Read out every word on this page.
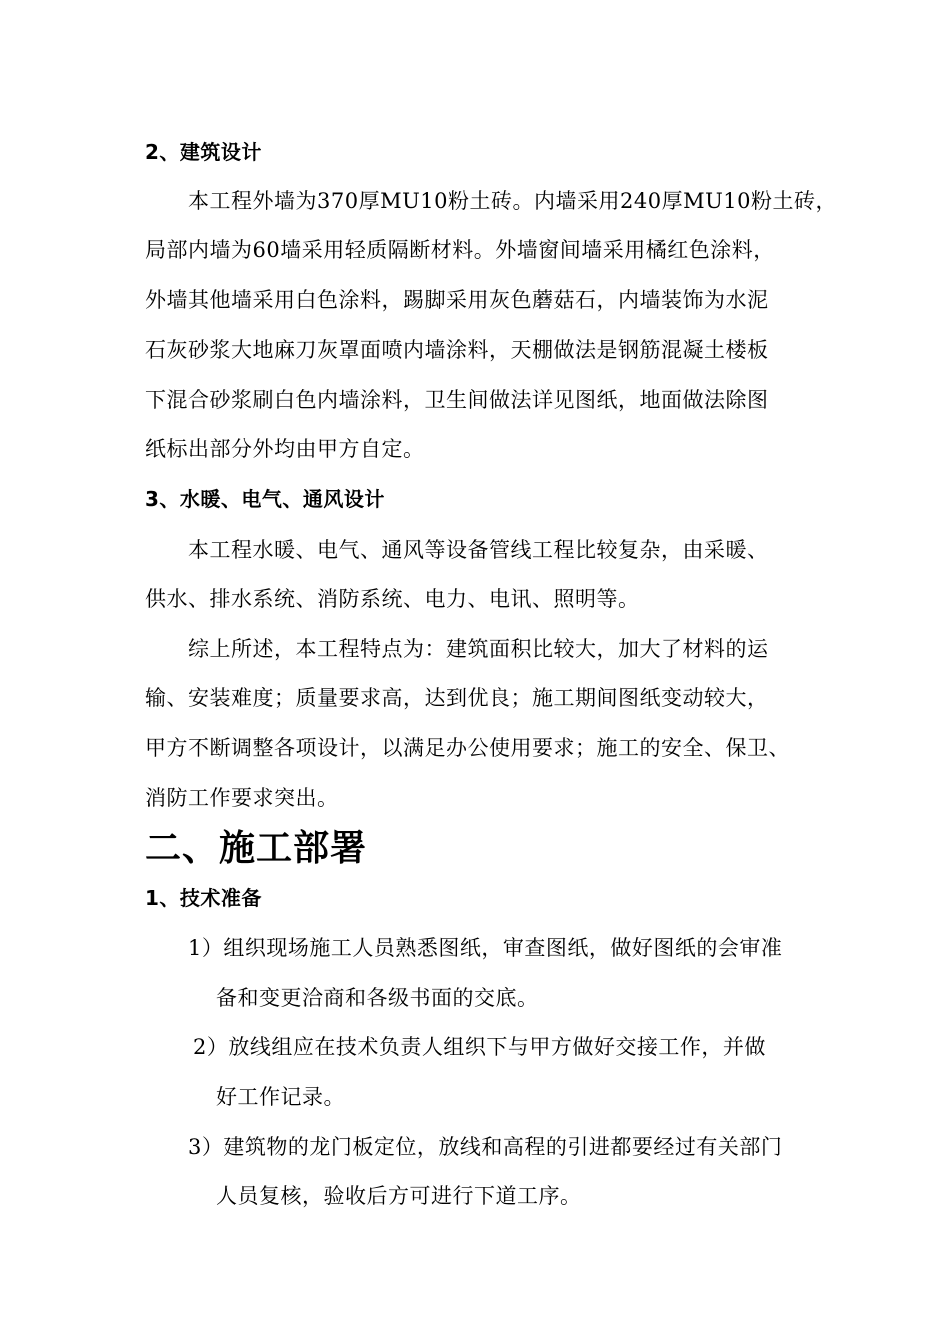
2、建筑设计
本工程外墙为370厚MU10粉土砖。内墙采用240厚MU10粉土砖，
局部内墙为60墙采用轻质隔断材料。外墙窗间墙采用橘红色涂料，
外墙其他墙采用白色涂料，踢脚采用灰色蘑菇石，内墙装饰为水泥
石灰砂浆大地麻刀灰罩面喷内墙涂料，天棚做法是钢筋混凝土楼板
下混合砂浆刷白色内墙涂料，卫生间做法详见图纸，地面做法除图
纸标出部分外均由甲方自定。
3、水暖、电气、通风设计
本工程水暖、电气、通风等设备管线工程比较复杂，由采暖、
供水、排水系统、消防系统、电力、电讯、照明等。
综上所述，本工程特点为：建筑面积比较大，加大了材料的运
输、安装难度；质量要求高，达到优良；施工期间图纸变动较大，
甲方不断调整各项设计，以满足办公使用要求；施工的安全、保卫、
消防工作要求突出。
二、施工部署
1、技术准备
1）组织现场施工人员熟悉图纸，审查图纸，做好图纸的会审准
备和变更洽商和各级书面的交底。
2）放线组应在技术负责人组织下与甲方做好交接工作，并做
好工作记录。
3）建筑物的龙门板定位，放线和高程的引进都要经过有关部门
人员复核，验收后方可进行下道工序。
